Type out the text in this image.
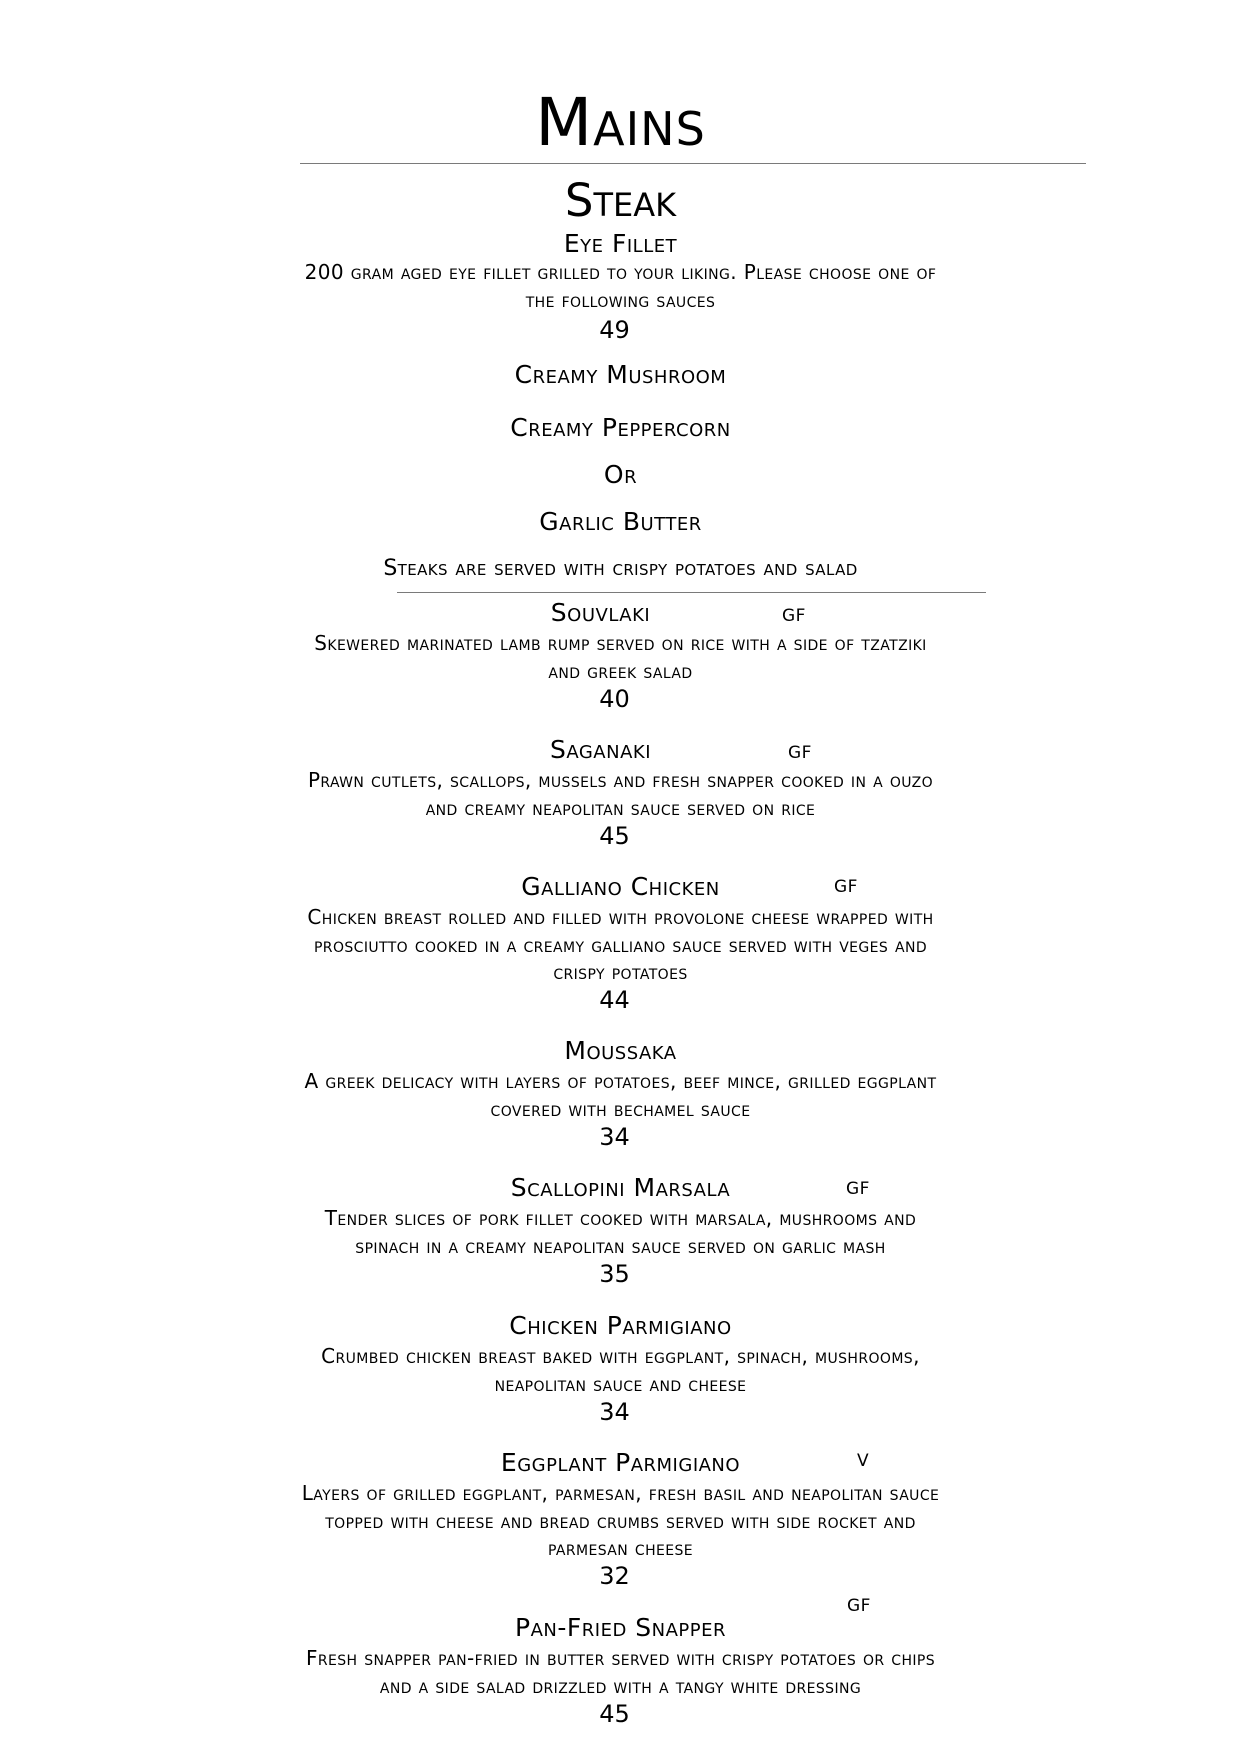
Mains
Steak
Eye Fillet
200 gram aged eye fillet grilled to your liking. Please choose one of
the following sauces
49
Creamy Mushroom
Creamy Peppercorn
Or
Garlic Butter
Steaks are served with crispy potatoes and salad
Souvlaki	GF
Skewered marinated lamb rump served on rice with a side of tzatziki
and greek salad
40
Saganaki	GF
Prawn cutlets, scallops, mussels and fresh snapper cooked in a ouzo
and creamy neapolitan sauce served on rice
45
Galliano Chicken	GF
Chicken breast rolled and filled with provolone cheese wrapped with
prosciutto cooked in a creamy galliano sauce served with veges and
crispy potatoes
44
Moussaka
A greek delicacy with layers of potatoes, beef mince, grilled eggplant
covered with bechamel sauce
34
Scallopini Marsala	GF
Tender slices of pork fillet cooked with marsala, mushrooms and
spinach in a creamy neapolitan sauce served on garlic mash
35
Chicken Parmigiano
Crumbed chicken breast baked with eggplant, spinach, mushrooms,
neapolitan sauce and cheese
34
Eggplant Parmigiano	V
Layers of grilled eggplant, parmesan, fresh basil and neapolitan sauce
topped with cheese and bread crumbs served with side rocket and
parmesan cheese
32
GF
Pan-Fried Snapper
Fresh snapper pan-fried in butter served with crispy potatoes or chips
and a side salad drizzled with a tangy white dressing
45
